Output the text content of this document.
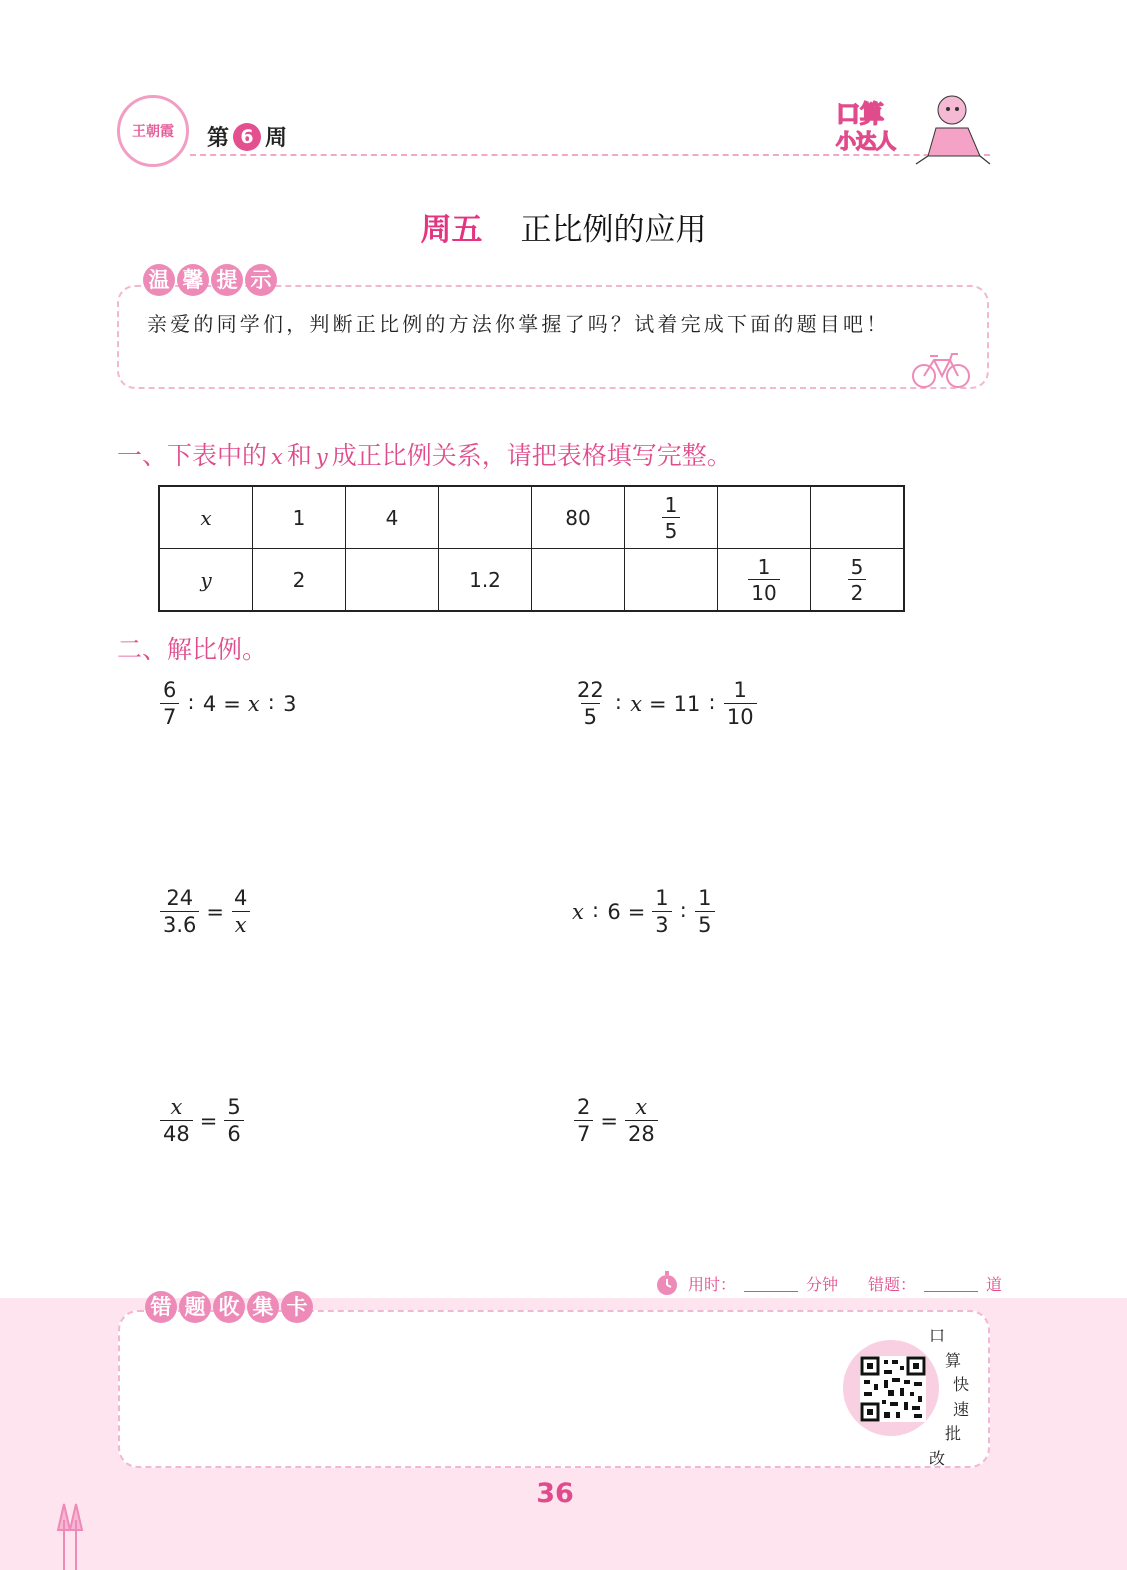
王朝霞 第 6 周
口算
小达人
周五 正比例的应用
温 馨 提 示
亲爱的同学们，判断正比例的方法你掌握了吗？试着完成下面的题目吧！
一、下表中的 x 和 y 成正比例关系，请把表格填写完整。
x	1	4		80	$\frac{1}{5}$

y	2		1.2			$\frac{1}{10}$	$\frac{5}{2}$
二、解比例。
$\frac{6}{7}$ ∶ 4 = x ∶ 3	$\frac{22}{5}$ ∶ x = 11 ∶ $\frac{1}{10}$
$\frac{24}{3.6} = \frac{4}{x}$	x ∶ $6 = \frac{1}{3}$ ∶ $\frac{1}{5}$
$\frac{x}{48} = \frac{5}{6}$	$\frac{2}{7} = \frac{x}{28}$
用时：	分钟 错题：	道
错 题 收 集 卡
口
算
快
速
批
改
36
